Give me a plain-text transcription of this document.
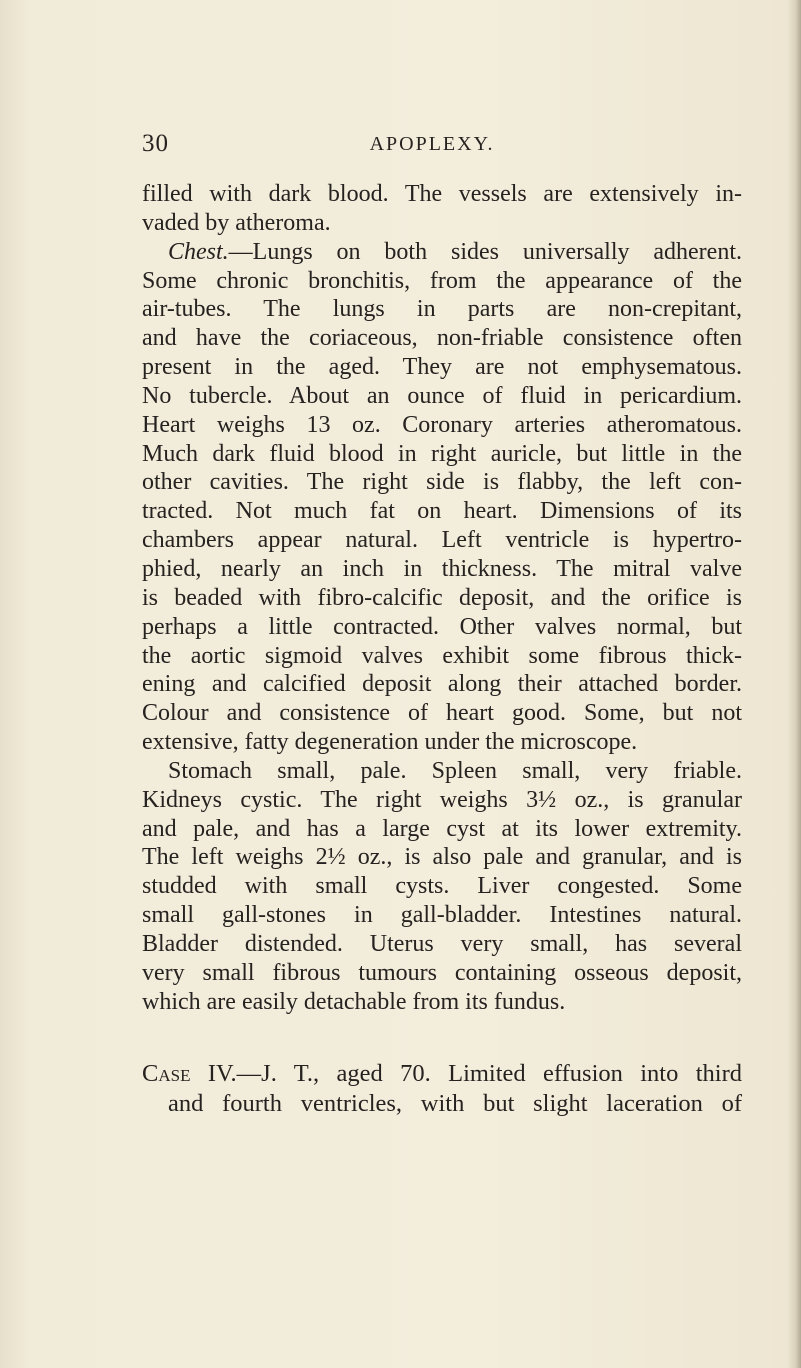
30	APOPLEXY.
filled with dark blood. The vessels are extensively in-
vaded by atheroma.
Chest.—Lungs on both sides universally adherent.
Some chronic bronchitis, from the appearance of the
air-tubes. The lungs in parts are non-crepitant,
and have the coriaceous, non-friable consistence often
present in the aged. They are not emphysematous.
No tubercle. About an ounce of fluid in pericardium.
Heart weighs 13 oz. Coronary arteries atheromatous.
Much dark fluid blood in right auricle, but little in the
other cavities. The right side is flabby, the left con-
tracted. Not much fat on heart. Dimensions of its
chambers appear natural. Left ventricle is hypertro-
phied, nearly an inch in thickness. The mitral valve
is beaded with fibro-calcific deposit, and the orifice is
perhaps a little contracted. Other valves normal, but
the aortic sigmoid valves exhibit some fibrous thick-
ening and calcified deposit along their attached border.
Colour and consistence of heart good. Some, but not
extensive, fatty degeneration under the microscope.
Stomach small, pale. Spleen small, very friable.
Kidneys cystic. The right weighs 3½ oz., is granular
and pale, and has a large cyst at its lower extremity.
The left weighs 2½ oz., is also pale and granular, and is
studded with small cysts. Liver congested. Some
small gall-stones in gall-bladder. Intestines natural.
Bladder distended. Uterus very small, has several
very small fibrous tumours containing osseous deposit,
which are easily detachable from its fundus.
Case IV.—J. T., aged 70. Limited effusion into third
and fourth ventricles, with but slight laceration of
